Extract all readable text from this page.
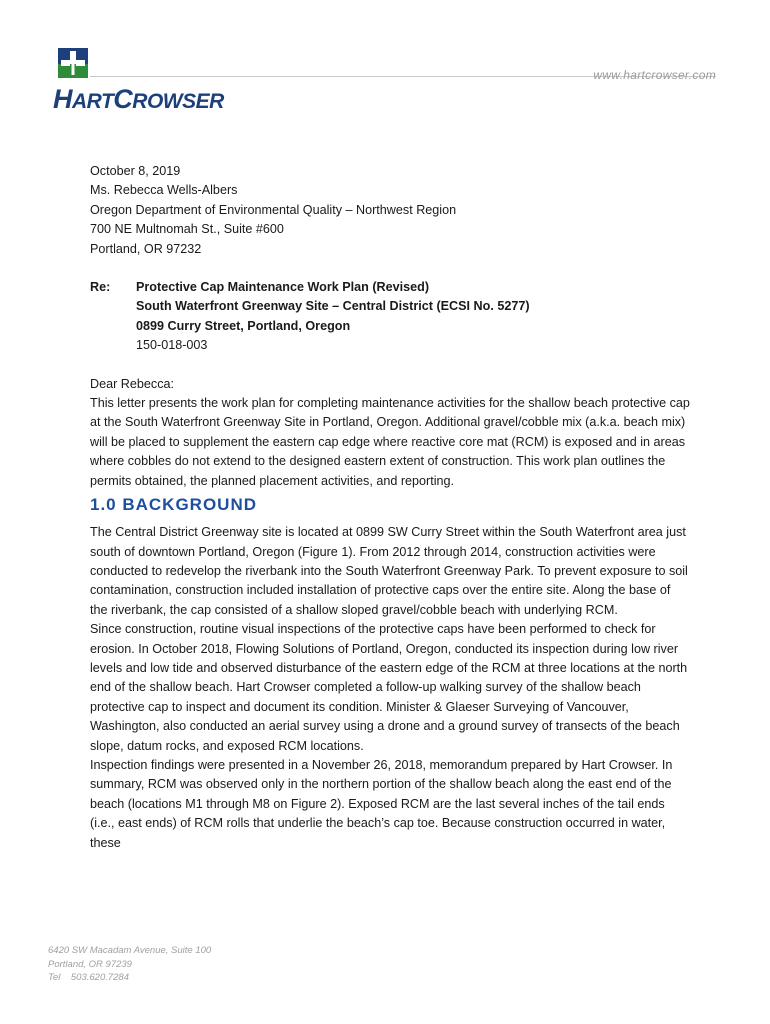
HARTCROWSER
www.hartcrowser.com

October 8, 2019

Ms. Rebecca Wells-Albers

Oregon Department of Environmental Quality – Northwest Region

700 NE Multnomah St., Suite #600

Portland, OR 97232

Re:	Protective Cap Maintenance Work Plan (Revised)

South Waterfront Greenway Site – Central District (ECSI No. 5277)

0899 Curry Street, Portland, Oregon

150-018-003

Dear Rebecca:

This letter presents the work plan for completing maintenance activities for the shallow beach protective cap at the South Waterfront Greenway Site in Portland, Oregon. Additional gravel/cobble mix (a.k.a. beach mix) will be placed to supplement the eastern cap edge where reactive core mat (RCM) is exposed and in areas where cobbles do not extend to the designed eastern extent of construction. This work plan outlines the permits obtained, the planned placement activities, and reporting.

1.0 BACKGROUND

The Central District Greenway site is located at 0899 SW Curry Street within the South Waterfront area just south of downtown Portland, Oregon (Figure 1). From 2012 through 2014, construction activities were conducted to redevelop the riverbank into the South Waterfront Greenway Park. To prevent exposure to soil contamination, construction included installation of protective caps over the entire site. Along the base of the riverbank, the cap consisted of a shallow sloped gravel/cobble beach with underlying RCM.

Since construction, routine visual inspections of the protective caps have been performed to check for erosion. In October 2018, Flowing Solutions of Portland, Oregon, conducted its inspection during low river levels and low tide and observed disturbance of the eastern edge of the RCM at three locations at the north end of the shallow beach. Hart Crowser completed a follow-up walking survey of the shallow beach protective cap to inspect and document its condition. Minister & Glaeser Surveying of Vancouver, Washington, also conducted an aerial survey using a drone and a ground survey of transects of the beach slope, datum rocks, and exposed RCM locations.

Inspection findings were presented in a November 26, 2018, memorandum prepared by Hart Crowser. In summary, RCM was observed only in the northern portion of the shallow beach along the east end of the beach (locations M1 through M8 on Figure 2). Exposed RCM are the last several inches of the tail ends (i.e., east ends) of RCM rolls that underlie the beach’s cap toe. Because construction occurred in water, these

6420 SW Macadam Avenue, Suite 100

Portland, OR 97239

Tel    503.620.7284
